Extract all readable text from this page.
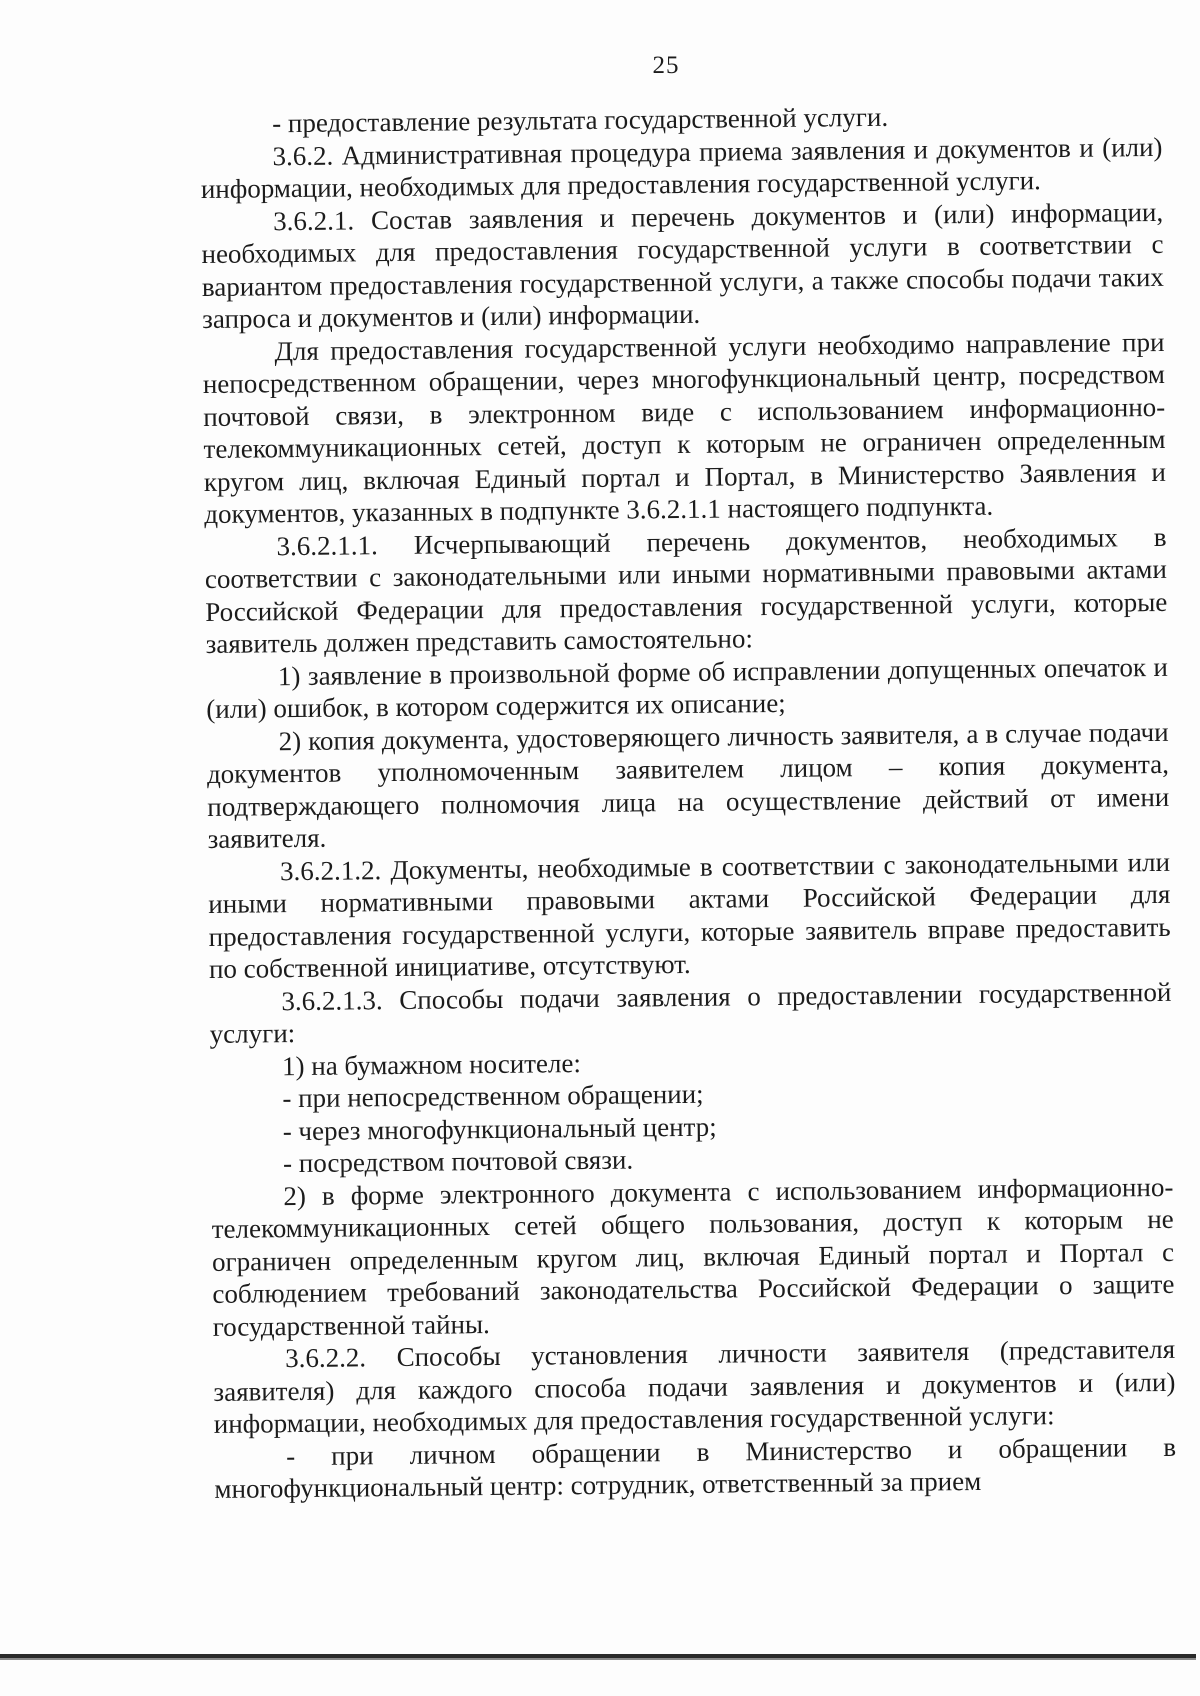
25

- предоставление результата государственной услуги.

3.6.2. Административная процедура приема заявления и документов и (или) информации, необходимых для предоставления государственной услуги.

3.6.2.1. Состав заявления и перечень документов и (или) информации, необходимых для предоставления государственной услуги в соответствии с вариантом предоставления государственной услуги, а также способы подачи таких запроса и документов и (или) информации.

Для предоставления государственной услуги необходимо направление при непосредственном обращении, через многофункциональный центр, посредством почтовой связи, в электронном виде с использованием информационно-телекоммуникационных сетей, доступ к которым не ограничен определенным кругом лиц, включая Единый портал и Портал, в Министерство Заявления и документов, указанных в подпункте 3.6.2.1.1 настоящего подпункта.

3.6.2.1.1. Исчерпывающий перечень документов, необходимых в соответствии с законодательными или иными нормативными правовыми актами Российской Федерации для предоставления государственной услуги, которые заявитель должен представить самостоятельно:

1) заявление в произвольной форме об исправлении допущенных опечаток и (или) ошибок, в котором содержится их описание;

2) копия документа, удостоверяющего личность заявителя, а в случае подачи документов уполномоченным заявителем лицом – копия документа, подтверждающего полномочия лица на осуществление действий от имени заявителя.

3.6.2.1.2. Документы, необходимые в соответствии с законодательными или иными нормативными правовыми актами Российской Федерации для предоставления государственной услуги, которые заявитель вправе предоставить по собственной инициативе, отсутствуют.

3.6.2.1.3. Способы подачи заявления о предоставлении государственной услуги:

1) на бумажном носителе:

- при непосредственном обращении;

- через многофункциональный центр;

- посредством почтовой связи.

2) в форме электронного документа с использованием информационно-телекоммуникационных сетей общего пользования, доступ к которым не ограничен определенным кругом лиц, включая Единый портал и Портал с соблюдением требований законодательства Российской Федерации о защите государственной тайны.

3.6.2.2. Способы установления личности заявителя (представителя заявителя) для каждого способа подачи заявления и документов и (или) информации, необходимых для предоставления государственной услуги:

- при личном обращении в Министерство и обращении в многофункциональный центр: сотрудник, ответственный за прием
